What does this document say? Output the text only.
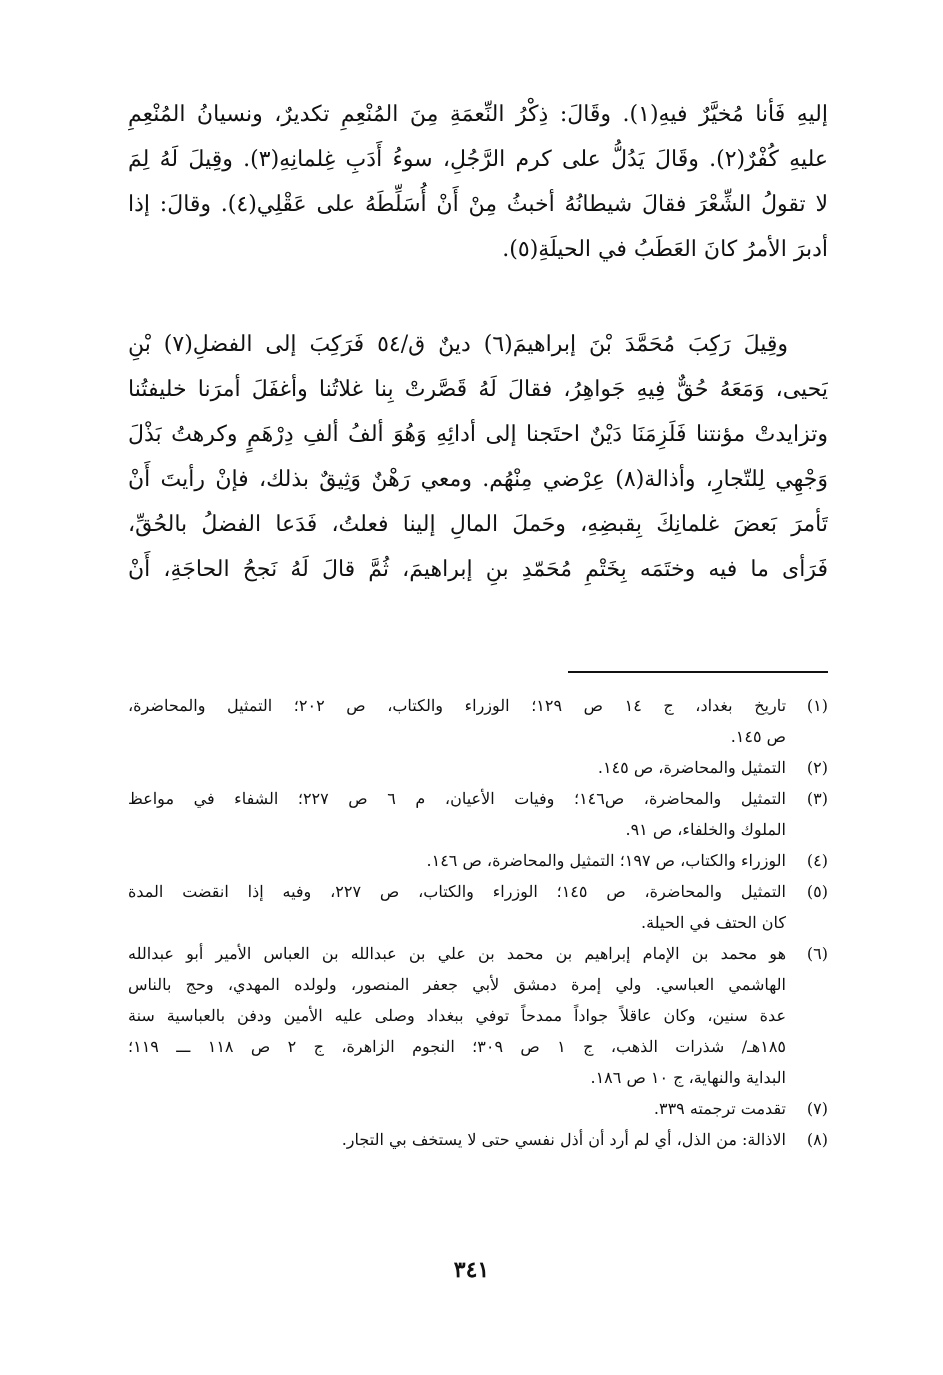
إليهِ فَأنا مُخيَّرٌ فيهِ(١). وقَالَ: ذِكْرُ النِّعمَةِ مِنَ المُنْعِمِ تكديرٌ، ونسيانُ المُنْعِمِ
عليهِ كُفْرٌ(٢). وقَالَ يَدُلُّ على كرم الرَّجُلِ، سوءُ أَدَبِ غِلمانِهِ(٣). وقِيلَ لَهُ لِمَ
لا تقولُ الشِّعْرَ فقالَ شيطانُهُ أخبثُ مِنْ أَنْ أُسَلِّطَهُ على عَقْلِي(٤). وقالَ: إذا
أدبرَ الأمرُ كانَ العَطَبُ في الحيلَةِ(٥).
وقِيلَ رَكِبَ مُحَمَّدَ بْنَ إبراهيمَ(٦) دينٌ ق/٥٤ فَرَكِبَ إلى الفضلِ(٧) بْنِ
يَحيى، وَمَعَهُ حُقٌّ فِيهِ جَواهِرُ، فقالَ لَهُ قَصَّرتْ بِنا غلاتُنا وأغفَلَ أمرَنا خليفتُنا
وتزايدتْ مؤنتنا فَلَزِمَنَا دَيْنٌ احتَجنا إلى أدائِهِ وَهُوَ ألفُ ألفِ دِرْهَمٍ وكرهتُ بَذْلَ
وَجْهِي لِلتّجارِ، وأذالة(٨) عِرْضي مِنْهُم. ومعي رَهْنٌ وَثِيقٌ بذلك، فإنْ رأيتَ أَنْ
تَأمرَ بَعضَ غلمانِكَ بِقبضِهِ، وحَملَ المالِ إلينا فعلتُ، فَدَعا الفضلُ بالحُقِّ،
فَرَأى ما فيه وختَمَه بِخَتْمِ مُحَمّدِ بنِ إبراهيمَ، ثُمَّ قالَ لَهُ نَجحُ الحاجَةِ، أَنْ
(١)
تاريخ بغداد، ج ١٤ ص ١٢٩؛ الوزراء والكتاب، ص ٢٠٢؛ التمثيل والمحاضرة،
ص ١٤٥.
(٢)
التمثيل والمحاضرة، ص ١٤٥.
(٣)
التمثيل والمحاضرة، ص١٤٦؛ وفيات الأعيان، م ٦ ص ٢٢٧؛ الشفاء في مواعظ
الملوك والخلفاء، ص ٩١.
(٤)
الوزراء والكتاب، ص ١٩٧؛ التمثيل والمحاضرة، ص ١٤٦.
(٥)
التمثيل والمحاضرة، ص ١٤٥؛ الوزراء والكتاب، ص ٢٢٧، وفيه إذا انقضت المدة
كان الحتف في الحيلة.
(٦)
هو محمد بن الإمام إبراهيم بن محمد بن علي بن عبدالله بن العباس الأمير أبو عبدالله
الهاشمي العباسي. ولي إمرة دمشق لأبي جعفر المنصور، ولولده المهدي، وحج بالناس
عدة سنين، وكان عاقلاً جواداً ممدحاً توفي ببغداد وصلى عليه الأمين ودفن بالعباسية سنة
١٨٥هـ/ شذرات الذهب، ج ١ ص ٣٠٩؛ النجوم الزاهرة، ج ٢ ص ١١٨ ـــ ١١٩؛
البداية والنهاية، ج ١٠ ص ١٨٦.
(٧)
تقدمت ترجمته ٣٣٩.
(٨)
الاذالة: من الذل، أي لم أرد أن أذل نفسي حتى لا يستخف بي التجار.
٣٤١
